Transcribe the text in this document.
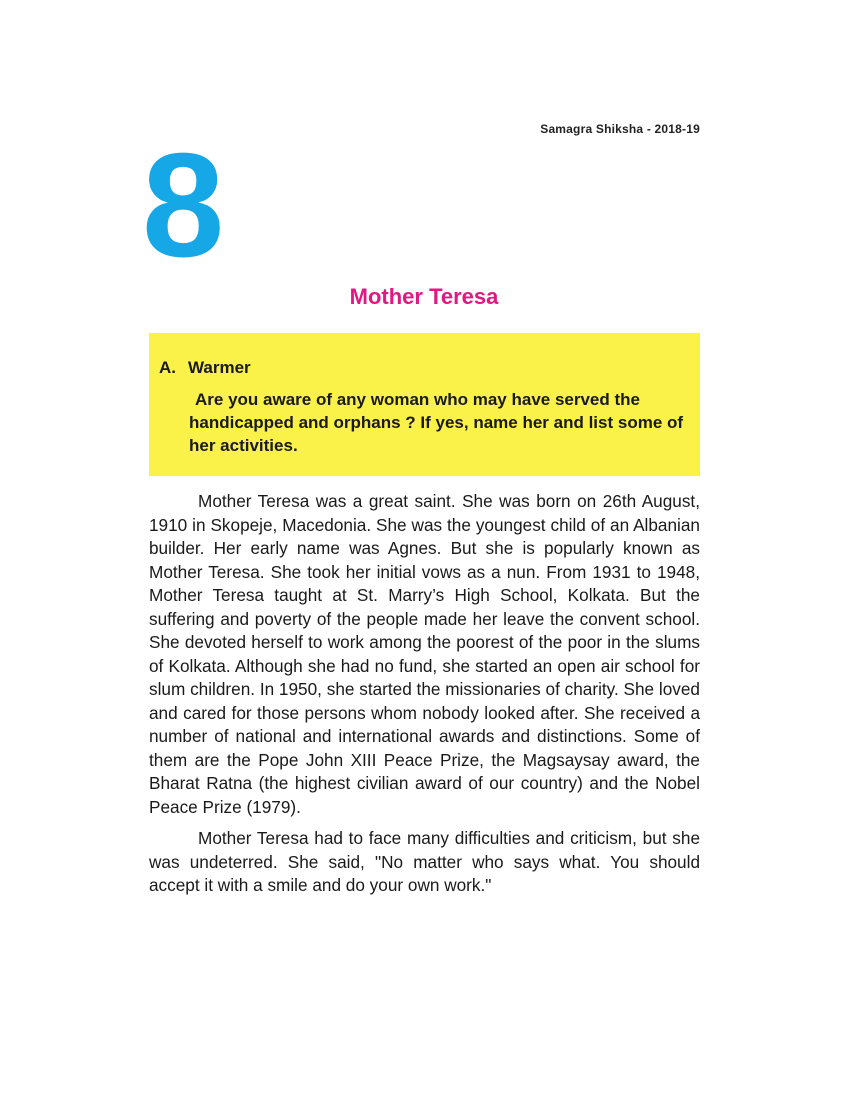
Samagra Shiksha - 2018-19
8
Mother Teresa
A. Warmer
Are you aware of any woman who may have served the handicapped and orphans ? If yes, name her and list some of her activities.

Mother Teresa was a great saint. She was born on 26th August, 1910 in Skopeje, Macedonia. She was the youngest child of an Albanian builder. Her early name was Agnes. But she is popularly known as Mother Teresa. She took her initial vows as a nun. From 1931 to 1948, Mother Teresa taught at St. Marry’s High School, Kolkata. But the suffering and poverty of the people made her leave the convent school. She devoted herself to work among the poorest of the poor in the slums of Kolkata. Although she had no fund, she started an open air school for slum children. In 1950, she started the missionaries of charity. She loved and cared for those persons whom nobody looked after. She received a number of national and international awards and distinctions. Some of them are the Pope John XIII Peace Prize, the Magsaysay award, the Bharat Ratna (the highest civilian award of our country) and the Nobel Peace Prize (1979).

Mother Teresa had to face many difficulties and criticism, but she was undeterred. She said, "No matter who says what. You should accept it with a smile and do your own work."
